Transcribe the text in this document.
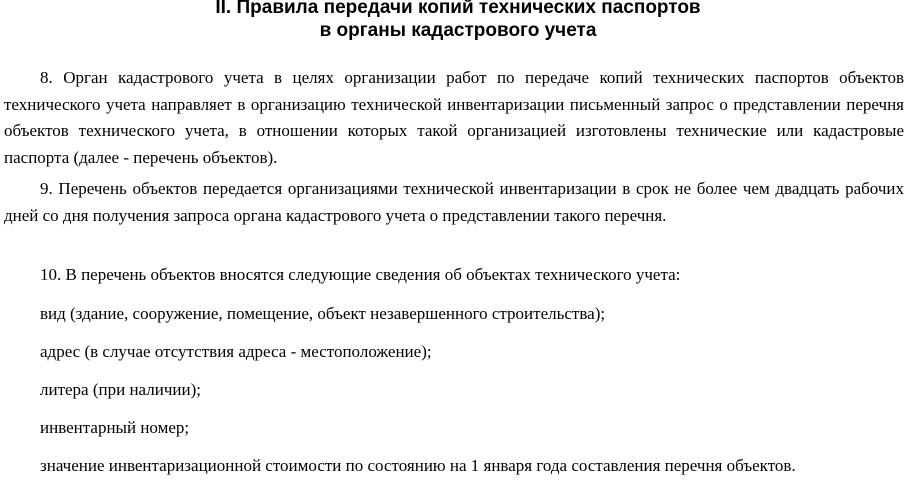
II. Правила передачи копий технических паспортов

в органы кадастрового учета

8. Орган кадастрового учета в целях организации работ по передаче копий технических паспортов объектов технического учета направляет в организацию технической инвентаризации письменный запрос о представлении перечня объектов технического учета, в отношении которых такой организацией изготовлены технические или кадастровые паспорта (далее - перечень объектов).

9. Перечень объектов передается организациями технической инвентаризации в срок не более чем двадцать рабочих дней со дня получения запроса органа кадастрового учета о представлении такого перечня.

10. В перечень объектов вносятся следующие сведения об объектах технического учета:

вид (здание, сооружение, помещение, объект незавершенного строительства);

адрес (в случае отсутствия адреса - местоположение);

литера (при наличии);

инвентарный номер;

значение инвентаризационной стоимости по состоянию на 1 января года составления перечня объектов.
